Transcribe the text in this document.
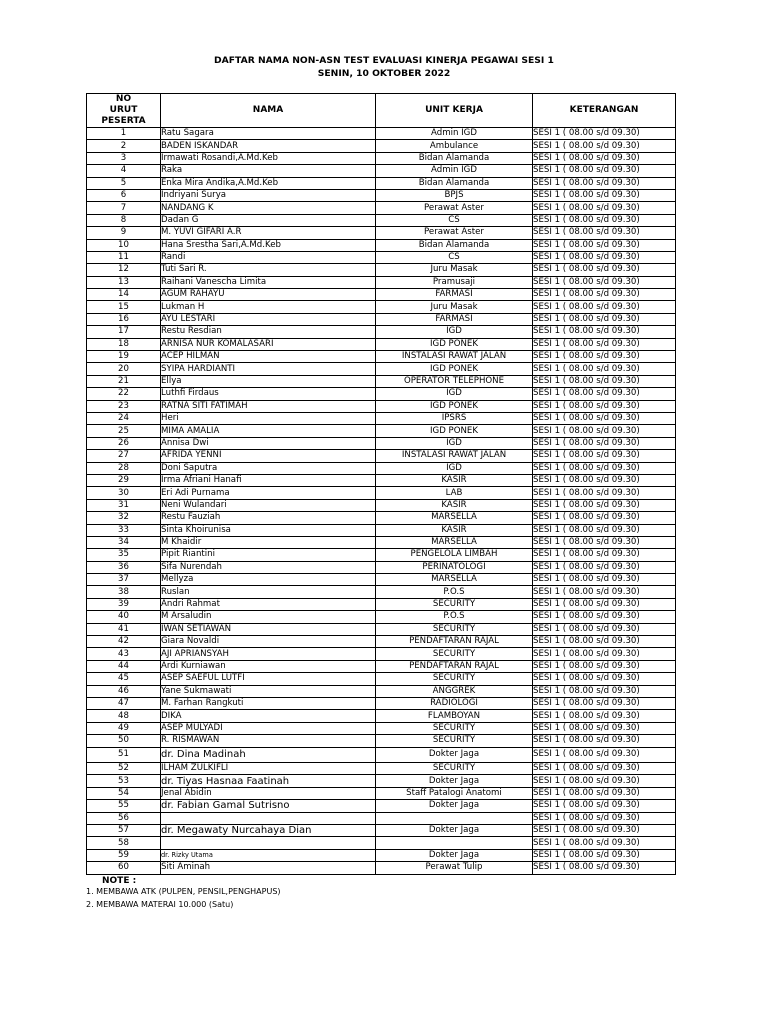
DAFTAR NAMA NON-ASN TEST EVALUASI KINERJA PEGAWAI SESI 1
SENIN, 10 OKTOBER 2022
NO URUT PESERTA	NAMA	UNIT KERJA	KETERANGAN
1	Ratu Sagara	Admin IGD	SESI 1 ( 08.00 s/d 09.30)
2	BADEN ISKANDAR	Ambulance	SESI 1 ( 08.00 s/d 09.30)
3	Irmawati Rosandi,A.Md.Keb	Bidan Alamanda	SESI 1 ( 08.00 s/d 09.30)
4	Raka	Admin IGD	SESI 1 ( 08.00 s/d 09.30)
5	Enka Mira Andika,A.Md.Keb	Bidan Alamanda	SESI 1 ( 08.00 s/d 09.30)
6	Indriyani Surya	BPJS	SESI 1 ( 08.00 s/d 09.30)
7	NANDANG K	Perawat Aster	SESI 1 ( 08.00 s/d 09.30)
8	Dadan G	CS	SESI 1 ( 08.00 s/d 09.30)
9	M. YUVI GIFARI A.R	Perawat Aster	SESI 1 ( 08.00 s/d 09.30)
10	Hana Srestha Sari,A.Md.Keb	Bidan Alamanda	SESI 1 ( 08.00 s/d 09.30)
11	Randi	CS	SESI 1 ( 08.00 s/d 09.30)
12	Tuti Sari R.	Juru Masak	SESI 1 ( 08.00 s/d 09.30)
13	Raihani Vanescha Limita	Pramusaji	SESI 1 ( 08.00 s/d 09.30)
14	AGUM RAHAYU	FARMASI	SESI 1 ( 08.00 s/d 09.30)
15	Lukman H	Juru Masak	SESI 1 ( 08.00 s/d 09.30)
16	AYU LESTARI	FARMASI	SESI 1 ( 08.00 s/d 09.30)
17	Restu Resdian	IGD	SESI 1 ( 08.00 s/d 09.30)
18	ARNISA NUR KOMALASARI	IGD PONEK	SESI 1 ( 08.00 s/d 09.30)
19	ACEP HILMAN	INSTALASI RAWAT JALAN	SESI 1 ( 08.00 s/d 09.30)
20	SYIPA HARDIANTI	IGD PONEK	SESI 1 ( 08.00 s/d 09.30)
21	Ellya	OPERATOR TELEPHONE	SESI 1 ( 08.00 s/d 09.30)
22	Luthfi Firdaus	IGD	SESI 1 ( 08.00 s/d 09.30)
23	RATNA SITI FATIMAH	IGD PONEK	SESI 1 ( 08.00 s/d 09.30)
24	Heri	IPSRS	SESI 1 ( 08.00 s/d 09.30)
25	MIMA AMALIA	IGD PONEK	SESI 1 ( 08.00 s/d 09.30)
26	Annisa Dwi	IGD	SESI 1 ( 08.00 s/d 09.30)
27	AFRIDA YENNI	INSTALASI RAWAT JALAN	SESI 1 ( 08.00 s/d 09.30)
28	Doni Saputra	IGD	SESI 1 ( 08.00 s/d 09.30)
29	Irma Afriani Hanafi	KASIR	SESI 1 ( 08.00 s/d 09.30)
30	Eri Adi Purnama	LAB	SESI 1 ( 08.00 s/d 09.30)
31	Neni Wulandari	KASIR	SESI 1 ( 08.00 s/d 09.30)
32	Restu Fauziah	MARSELLA	SESI 1 ( 08.00 s/d 09.30)
33	Sinta Khoirunisa	KASIR	SESI 1 ( 08.00 s/d 09.30)
34	M Khaidir	MARSELLA	SESI 1 ( 08.00 s/d 09.30)
35	Pipit Riantini	PENGELOLA LIMBAH	SESI 1 ( 08.00 s/d 09.30)
36	Sifa Nurendah	PERINATOLOGI	SESI 1 ( 08.00 s/d 09.30)
37	Mellyza	MARSELLA	SESI 1 ( 08.00 s/d 09.30)
38	Ruslan	P.O.S	SESI 1 ( 08.00 s/d 09.30)
39	Andri Rahmat	SECURITY	SESI 1 ( 08.00 s/d 09.30)
40	M Arsaludin	P.O.S	SESI 1 ( 08.00 s/d 09.30)
41	IWAN SETIAWAN	SECURITY	SESI 1 ( 08.00 s/d 09.30)
42	Giara Novaldi	PENDAFTARAN RAJAL	SESI 1 ( 08.00 s/d 09.30)
43	AJI APRIANSYAH	SECURITY	SESI 1 ( 08.00 s/d 09.30)
44	Ardi Kurniawan	PENDAFTARAN RAJAL	SESI 1 ( 08.00 s/d 09.30)
45	ASEP SAEFUL LUTFI	SECURITY	SESI 1 ( 08.00 s/d 09.30)
46	Yane Sukmawati	ANGGREK	SESI 1 ( 08.00 s/d 09.30)
47	M. Farhan Rangkuti	RADIOLOGI	SESI 1 ( 08.00 s/d 09.30)
48	DIKA	FLAMBOYAN	SESI 1 ( 08.00 s/d 09.30)
49	ASEP MULYADI	SECURITY	SESI 1 ( 08.00 s/d 09.30)
50	R. RISMAWAN	SECURITY	SESI 1 ( 08.00 s/d 09.30)
51	dr. Dina Madinah	Dokter Jaga	SESI 1 ( 08.00 s/d 09.30)
52	ILHAM ZULKIFLI	SECURITY	SESI 1 ( 08.00 s/d 09.30)
53	dr. Tiyas Hasnaa Faatinah	Dokter Jaga	SESI 1 ( 08.00 s/d 09.30)
54	Jenal Abidin	Staff Patalogi Anatomi	SESI 1 ( 08.00 s/d 09.30)
55	dr. Fabian Gamal Sutrisno	Dokter Jaga	SESI 1 ( 08.00 s/d 09.30)
56			SESI 1 ( 08.00 s/d 09.30)
57	dr. Megawaty Nurcahaya Dian	Dokter Jaga	SESI 1 ( 08.00 s/d 09.30)
58			SESI 1 ( 08.00 s/d 09.30)
59	dr. Rizky Utama	Dokter Jaga	SESI 1 ( 08.00 s/d 09.30)
60	Siti Aminah	Perawat Tulip	SESI 1 ( 08.00 s/d 09.30)
NOTE :
1. MEMBAWA ATK (PULPEN, PENSIL,PENGHAPUS)
2. MEMBAWA MATERAI 10.000 (Satu)
